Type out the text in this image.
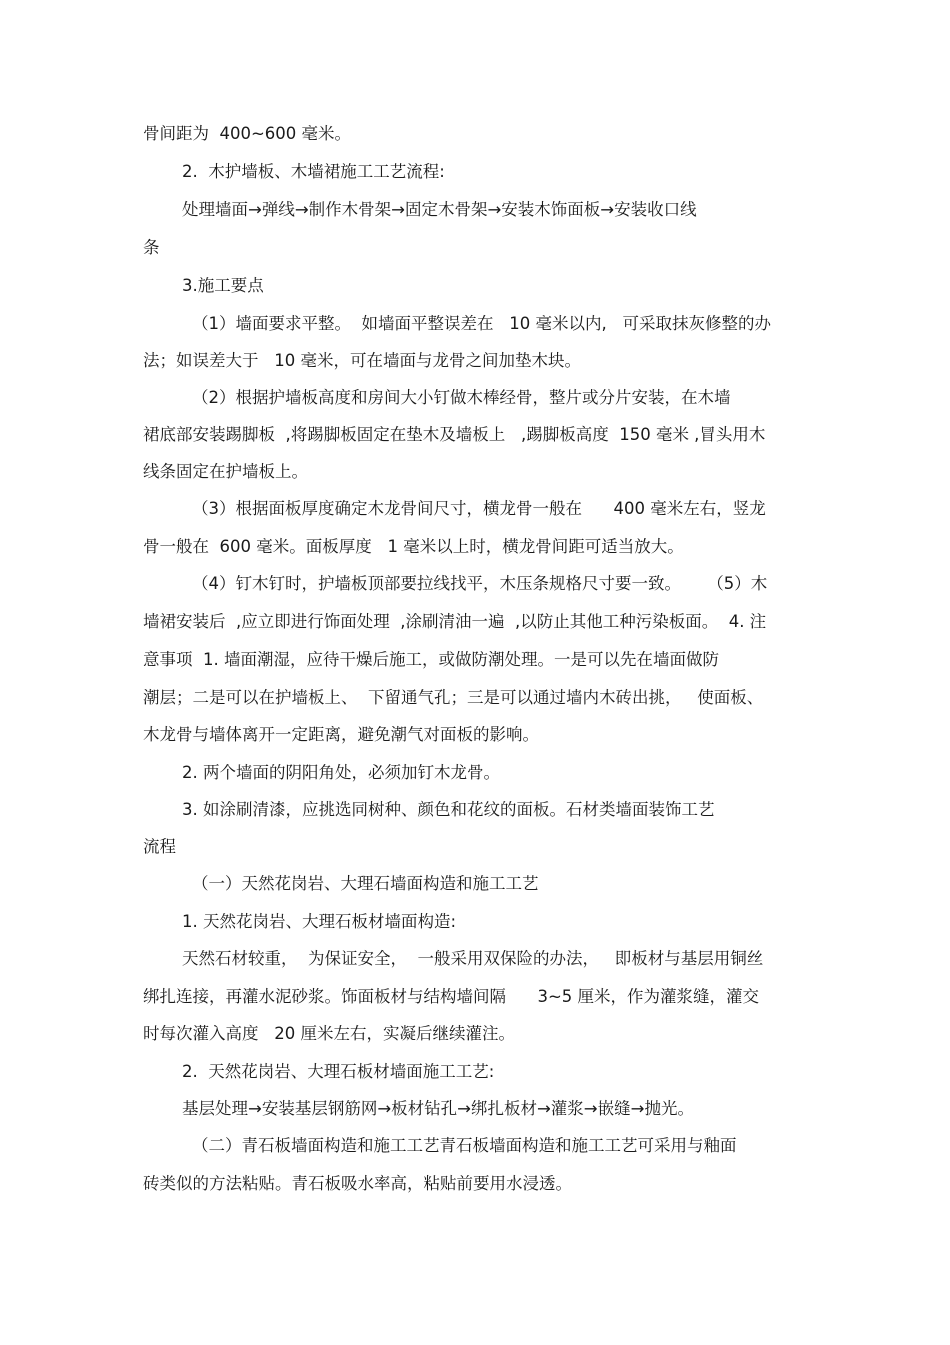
骨间距为  400~600 毫米。
2.  木护墙板、木墙裙施工工艺流程:
处理墙面→弹线→制作木骨架→固定木骨架→安装木饰面板→安装收口线
条
3.施工要点
（1）墙面要求平整。  如墙面平整误差在   10 毫米以内,   可采取抹灰修整的办
法；如误差大于   10 毫米，可在墙面与龙骨之间加垫木块。
（2）根据护墙板高度和房间大小钉做木棒经骨，整片或分片安装，在木墙
裙底部安装踢脚板  ,将踢脚板固定在垫木及墙板上   ,踢脚板高度  150 毫米 ,冒头用木
线条固定在护墙板上。
（3）根据面板厚度确定木龙骨间尺寸，横龙骨一般在      400 毫米左右，竖龙
骨一般在  600 毫米。面板厚度   1 毫米以上时，横龙骨间距可适当放大。
（4）钉木钉时，护墙板顶部要拉线找平，木压条规格尺寸要一致。     （5）木
墙裙安装后  ,应立即进行饰面处理  ,涂刷清油一遍  ,以防止其他工种污染板面。  4. 注
意事项  1. 墙面潮湿，应待干燥后施工，或做防潮处理。一是可以先在墙面做防
潮层；二是可以在护墙板上、  下留通气孔；三是可以通过墙内木砖出挑，   使面板、
木龙骨与墙体离开一定距离，避免潮气对面板的影响。
2. 两个墙面的阴阳角处，必须加钉木龙骨。
3. 如涂刷清漆，应挑选同树种、颜色和花纹的面板。石材类墙面装饰工艺
流程
（一）天然花岗岩、大理石墙面构造和施工工艺
1. 天然花岗岩、大理石板材墙面构造:
天然石材较重，  为保证安全，  一般采用双保险的办法，   即板材与基层用铜丝
绑扎连接，再灌水泥砂浆。饰面板材与结构墙间隔      3~5 厘米，作为灌浆缝，灌交
时每次灌入高度   20 厘米左右，实凝后继续灌注。
2.  天然花岗岩、大理石板材墙面施工工艺:
基层处理→安装基层钢筋网→板材钻孔→绑扎板材→灌浆→嵌缝→抛光。
（二）青石板墙面构造和施工工艺青石板墙面构造和施工工艺可采用与釉面
砖类似的方法粘贴。青石板吸水率高，粘贴前要用水浸透。
